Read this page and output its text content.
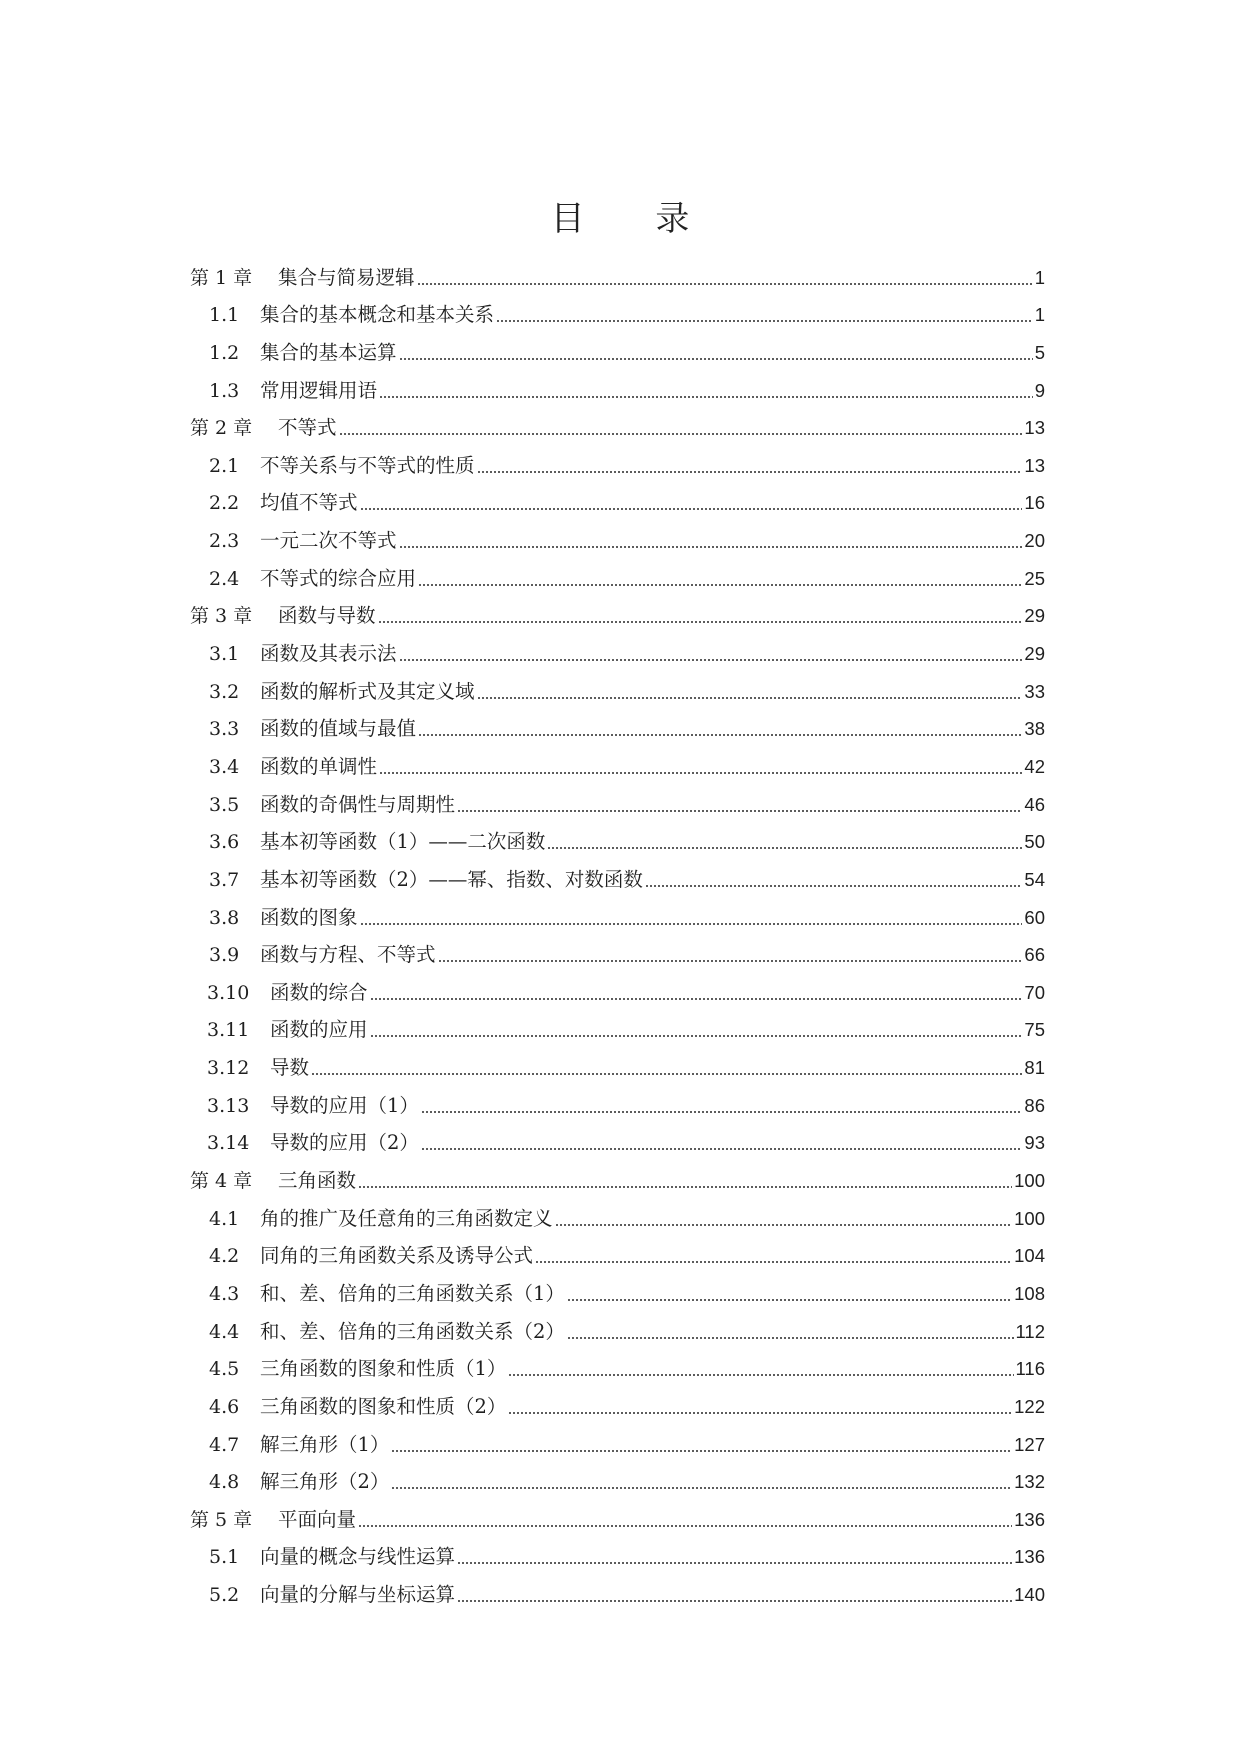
目 录
第 1 章	集合与简易逻辑	1
1.1	集合的基本概念和基本关系	1
1.2	集合的基本运算	5
1.3	常用逻辑用语	9
第 2 章	不等式	13
2.1	不等关系与不等式的性质	13
2.2	均值不等式	16
2.3	一元二次不等式	20
2.4	不等式的综合应用	25
第 3 章	函数与导数	29
3.1	函数及其表示法	29
3.2	函数的解析式及其定义域	33
3.3	函数的值域与最值	38
3.4	函数的单调性	42
3.5	函数的奇偶性与周期性	46
3.6	基本初等函数（1）——二次函数	50
3.7	基本初等函数（2）——幂、指数、对数函数	54
3.8	函数的图象	60
3.9	函数与方程、不等式	66
3.10	函数的综合	70
3.11	函数的应用	75
3.12	导数	81
3.13	导数的应用（1）	86
3.14	导数的应用（2）	93
第 4 章	三角函数	100
4.1	角的推广及任意角的三角函数定义	100
4.2	同角的三角函数关系及诱导公式	104
4.3	和、差、倍角的三角函数关系（1）	108
4.4	和、差、倍角的三角函数关系（2）	112
4.5	三角函数的图象和性质（1）	116
4.6	三角函数的图象和性质（2）	122
4.7	解三角形（1）	127
4.8	解三角形（2）	132
第 5 章	平面向量	136
5.1	向量的概念与线性运算	136
5.2	向量的分解与坐标运算	140
